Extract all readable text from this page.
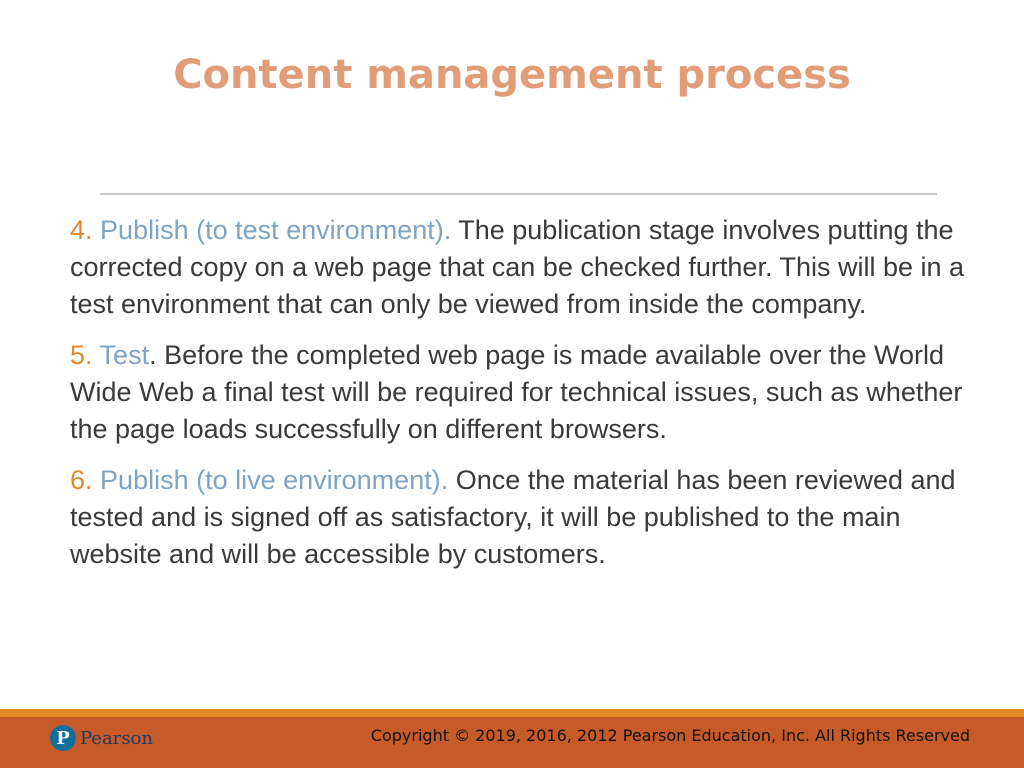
Content management process

4. Publish (to test environment). The publication stage involves putting the corrected copy on a web page that can be checked further. This will be in a test environment that can only be viewed from inside the company.

5. Test. Before the completed web page is made available over the World Wide Web a final test will be required for technical issues, such as whether the page loads successfully on different browsers.

6. Publish (to live environment). Once the material has been reviewed and tested and is signed off as satisfactory, it will be published to the main website and will be accessible by customers.

P Pearson	Copyright © 2019, 2016, 2012 Pearson Education, Inc. All Rights Reserved
